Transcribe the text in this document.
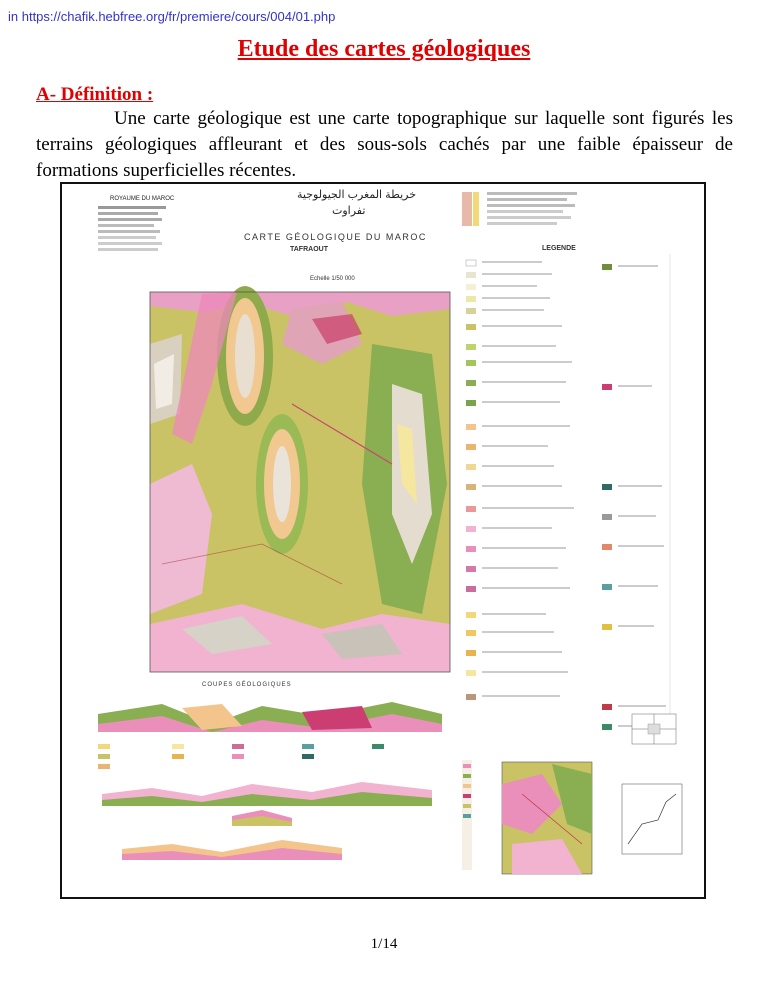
in https://chafik.hebfree.org/fr/premiere/cours/004/01.php
Etude des cartes géologiques
A- Définition :
Une carte géologique est une carte topographique sur laquelle sont figurés les terrains géologiques affleurant et des sous-sols cachés par une faible épaisseur de formations superficielles récentes.
ROYAUME DU MAROC	خريطة المغرب الجيولوجية
تفراوت
CARTE GÉOLOGIQUE DU MAROC
TAFRAOUT
Echelle 1/50 000
LEGENDE
COUPES GÉOLOGIQUES
1/14
